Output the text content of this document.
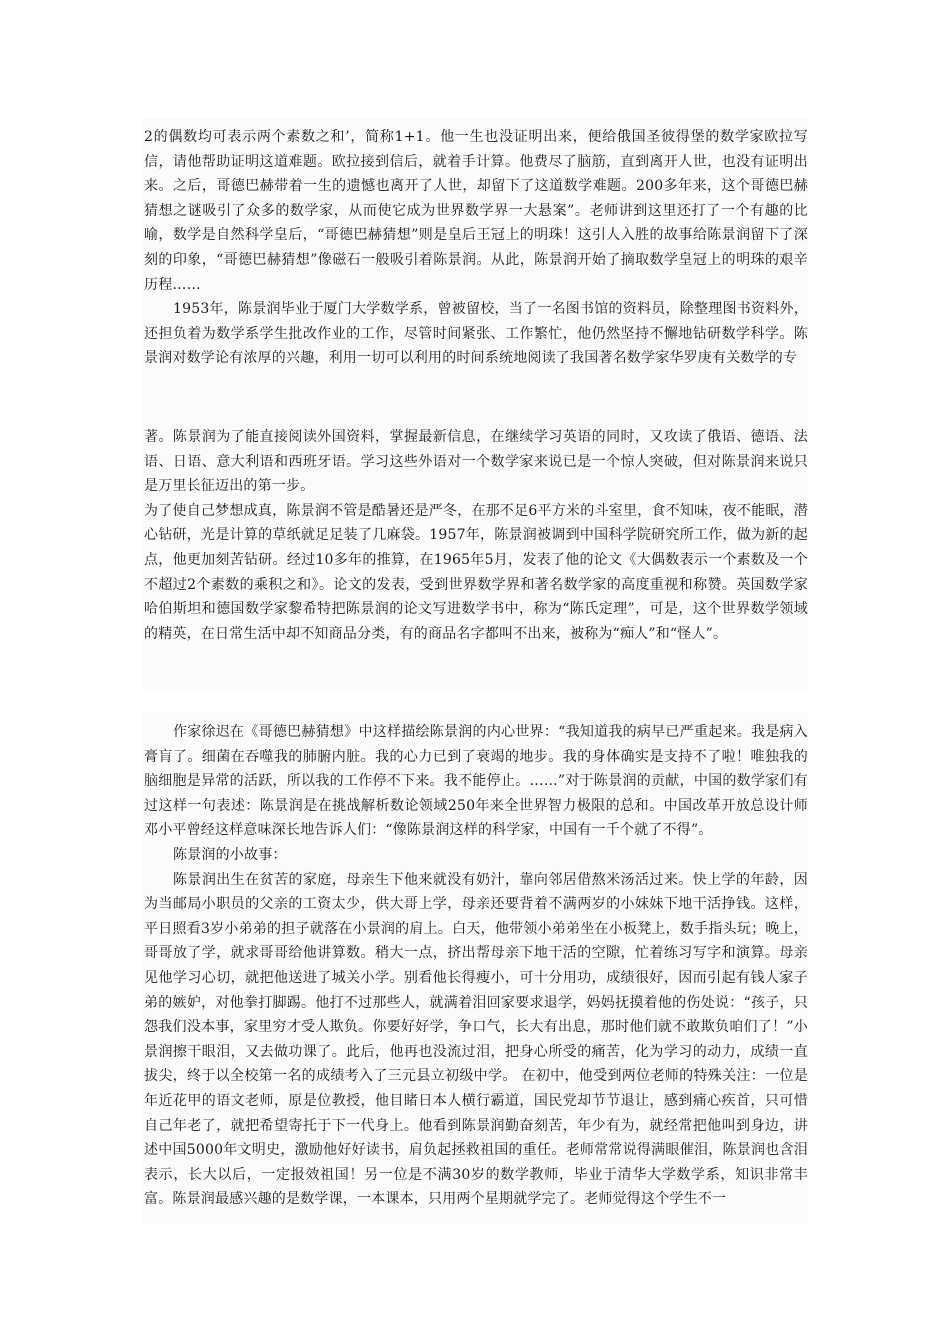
2的偶数均可表示两个素数之和’，简称1+1。他一生也没证明出来，便给俄国圣彼得堡的数学家欧拉写信，请他帮助证明这道难题。欧拉接到信后，就着手计算。他费尽了脑筋，直到离开人世，也没有证明出来。之后，哥德巴赫带着一生的遗憾也离开了人世，却留下了这道数学难题。200多年来，这个哥德巴赫猜想之谜吸引了众多的数学家，从而使它成为世界数学界一大悬案”。老师讲到这里还打了一个有趣的比喻，数学是自然科学皇后，“哥德巴赫猜想”则是皇后王冠上的明珠！这引人入胜的故事给陈景润留下了深刻的印象，“哥德巴赫猜想”像磁石一般吸引着陈景润。从此，陈景润开始了摘取数学皇冠上的明珠的艰辛历程……

1953年，陈景润毕业于厦门大学数学系，曾被留校，当了一名图书馆的资料员，除整理图书资料外，还担负着为数学系学生批改作业的工作，尽管时间紧张、工作繁忙，他仍然坚持不懈地钻研数学科学。陈景润对数学论有浓厚的兴趣，利用一切可以利用的时间系统地阅读了我国著名数学家华罗庚有关数学的专

著。陈景润为了能直接阅读外国资料，掌握最新信息，在继续学习英语的同时，又攻读了俄语、德语、法语、日语、意大利语和西班牙语。学习这些外语对一个数学家来说已是一个惊人突破，但对陈景润来说只是万里长征迈出的第一步。

为了使自己梦想成真，陈景润不管是酷暑还是严冬，在那不足6平方米的斗室里，食不知味，夜不能眠，潜心钻研，光是计算的草纸就足足装了几麻袋。1957年，陈景润被调到中国科学院研究所工作，做为新的起点，他更加刻苦钻研。经过10多年的推算，在1965年5月，发表了他的论文《大偶数表示一个素数及一个不超过2个素数的乘积之和》。论文的发表，受到世界数学界和著名数学家的高度重视和称赞。英国数学家哈伯斯坦和德国数学家黎希特把陈景润的论文写进数学书中，称为“陈氏定理”，可是，这个世界数学领域的精英，在日常生活中却不知商品分类，有的商品名字都叫不出来，被称为“痴人”和“怪人”。

作家徐迟在《哥德巴赫猜想》中这样描绘陈景润的内心世界：“我知道我的病早已严重起来。我是病入膏肓了。细菌在吞噬我的肺腑内脏。我的心力已到了衰竭的地步。我的身体确实是支持不了啦！唯独我的脑细胞是异常的活跃，所以我的工作停不下来。我不能停止。……”对于陈景润的贡献，中国的数学家们有过这样一句表述：陈景润是在挑战解析数论领域250年来全世界智力极限的总和。中国改革开放总设计师邓小平曾经这样意味深长地告诉人们：“像陈景润这样的科学家，中国有一千个就了不得”。

陈景润的小故事：

陈景润出生在贫苦的家庭，母亲生下他来就没有奶汁，靠向邻居借熬米汤活过来。快上学的年龄，因为当邮局小职员的父亲的工资太少，供大哥上学，母亲还要背着不满两岁的小妹妹下地干活挣钱。这样，平日照看3岁小弟弟的担子就落在小景润的肩上。白天，他带领小弟弟坐在小板凳上，数手指头玩；晚上，哥哥放了学，就求哥哥给他讲算数。稍大一点，挤出帮母亲下地干活的空隙，忙着练习写字和演算。母亲见他学习心切，就把他送进了城关小学。别看他长得瘦小，可十分用功，成绩很好，因而引起有钱人家子弟的嫉妒，对他拳打脚踢。他打不过那些人，就满着泪回家要求退学，妈妈抚摸着他的伤处说：“孩子，只怨我们没本事，家里穷才受人欺负。你要好好学，争口气，长大有出息，那时他们就不敢欺负咱们了！”小景润擦干眼泪，又去做功课了。此后，他再也没流过泪，把身心所受的痛苦，化为学习的动力，成绩一直拔尖，终于以全校第一名的成绩考入了三元县立初级中学。 在初中，他受到两位老师的特殊关注：一位是年近花甲的语文老师，原是位教授，他目睹日本人横行霸道，国民党却节节退让，感到痛心疾首，只可惜自己年老了，就把希望寄托于下一代身上。他看到陈景润勤奋刻苦，年少有为，就经常把他叫到身边，讲述中国5000年文明史，激励他好好读书，肩负起拯救祖国的重任。老师常常说得满眼催泪，陈景润也含泪表示，长大以后，一定报效祖国！另一位是不满30岁的数学教师，毕业于清华大学数学系，知识非常丰富。陈景润最感兴趣的是数学课，一本课本，只用两个星期就学完了。老师觉得这个学生不一
